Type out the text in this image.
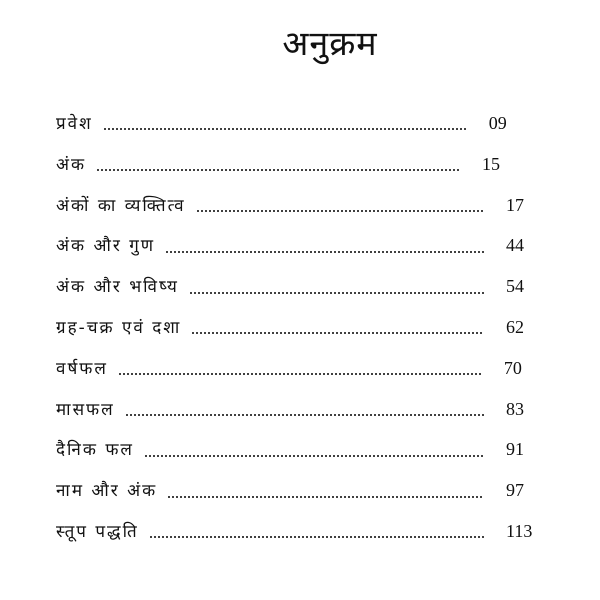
अनुक्रम
प्रवेश	09
अंक	15
अंकों का व्यक्तित्व	17
अंक और गुण	44
अंक और भविष्य	54
ग्रह-चक्र एवं दशा	62
वर्षफल	70
मासफल	83
दैनिक फल	91
नाम और अंक	97
स्तूप पद्धति	113
